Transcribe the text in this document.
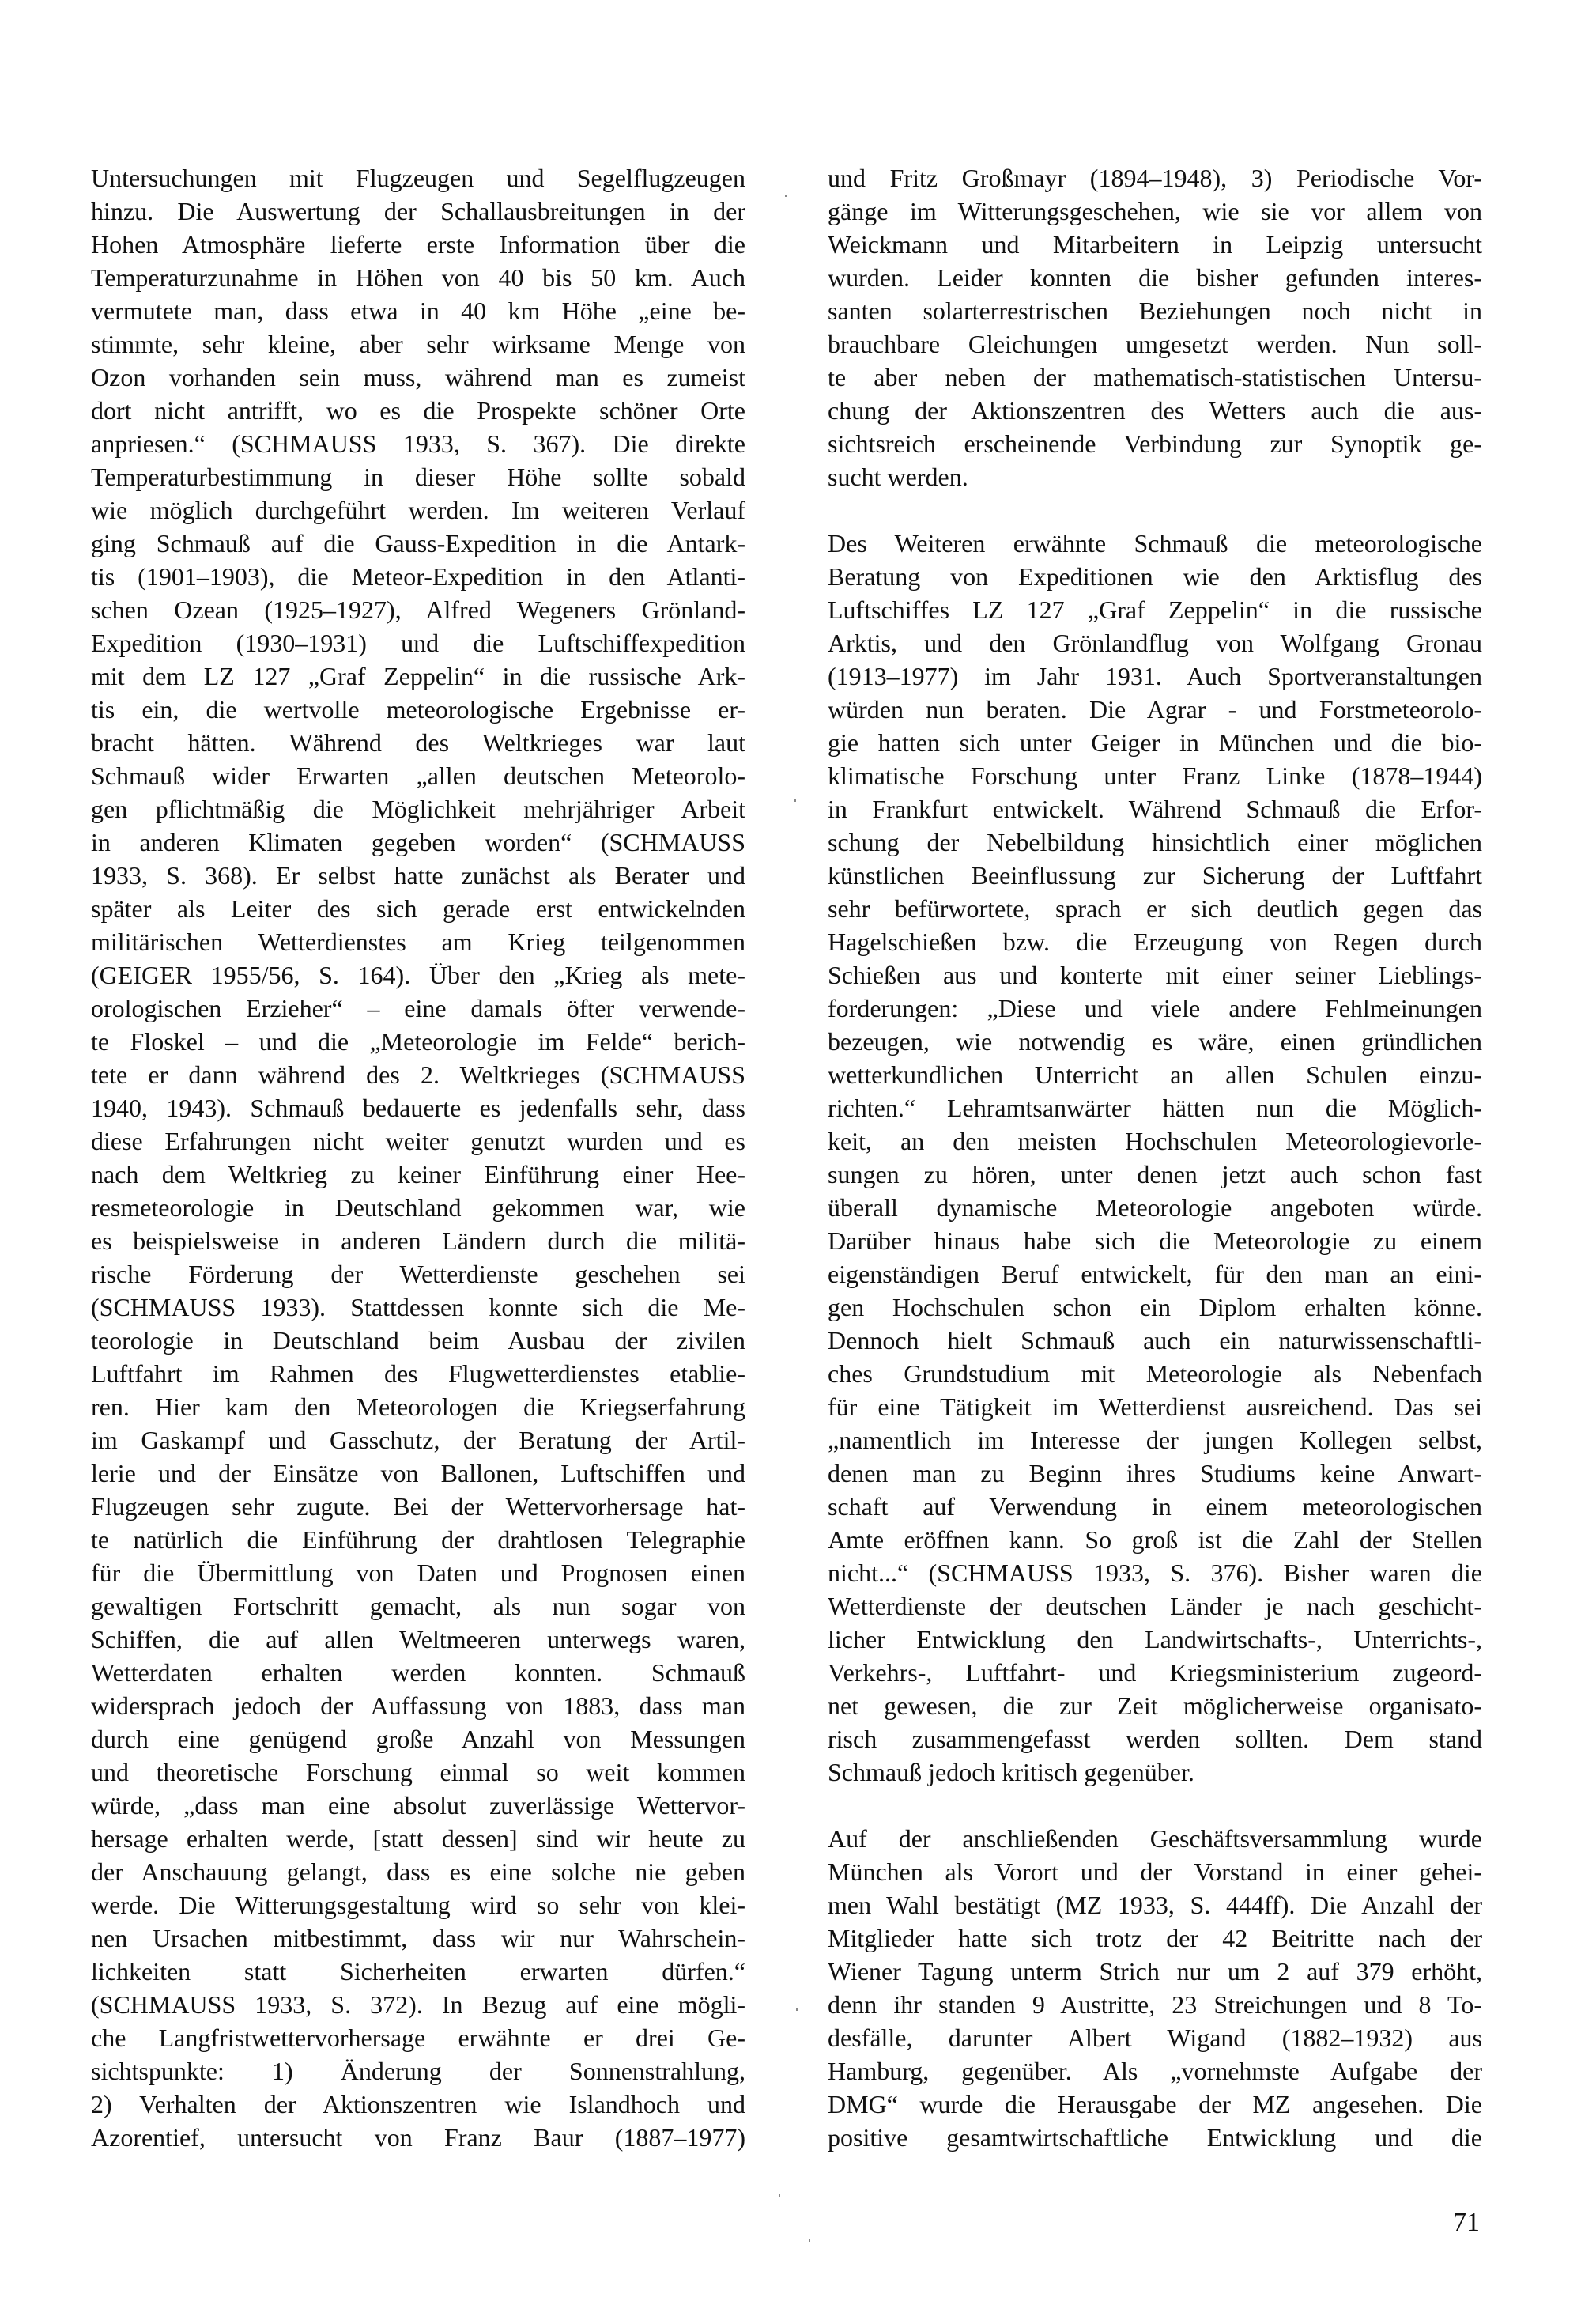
Untersuchungen mit Flugzeugen und Segelflugzeugen
hinzu. Die Auswertung der Schallausbreitungen in der
Hohen Atmosphäre lieferte erste Information über die
Temperaturzunahme in Höhen von 40 bis 50 km. Auch
vermutete man, dass etwa in 40 km Höhe „eine be-
stimmte, sehr kleine, aber sehr wirksame Menge von
Ozon vorhanden sein muss, während man es zumeist
dort nicht antrifft, wo es die Prospekte schöner Orte
anpriesen.“ (SCHMAUSS 1933, S. 367). Die direkte
Temperaturbestimmung in dieser Höhe sollte sobald
wie möglich durchgeführt werden. Im weiteren Verlauf
ging Schmauß auf die Gauss-Expedition in die Antark-
tis (1901–1903), die Meteor-Expedition in den Atlanti-
schen Ozean (1925–1927), Alfred Wegeners Grönland-
Expedition (1930–1931) und die Luftschiffexpedition
mit dem LZ 127 „Graf Zeppelin“ in die russische Ark-
tis ein, die wertvolle meteorologische Ergebnisse er-
bracht hätten. Während des Weltkrieges war laut
Schmauß wider Erwarten „allen deutschen Meteorolo-
gen pflichtmäßig die Möglichkeit mehrjähriger Arbeit
in anderen Klimaten gegeben worden“ (SCHMAUSS
1933, S. 368). Er selbst hatte zunächst als Berater und
später als Leiter des sich gerade erst entwickelnden
militärischen Wetterdienstes am Krieg teilgenommen
(GEIGER 1955/56, S. 164). Über den „Krieg als mete-
orologischen Erzieher“ – eine damals öfter verwende-
te Floskel – und die „Meteorologie im Felde“ berich-
tete er dann während des 2. Weltkrieges (SCHMAUSS
1940, 1943). Schmauß bedauerte es jedenfalls sehr, dass
diese Erfahrungen nicht weiter genutzt wurden und es
nach dem Weltkrieg zu keiner Einführung einer Hee-
resmeteorologie in Deutschland gekommen war, wie
es beispielsweise in anderen Ländern durch die militä-
rische Förderung der Wetterdienste geschehen sei
(SCHMAUSS 1933). Stattdessen konnte sich die Me-
teorologie in Deutschland beim Ausbau der zivilen
Luftfahrt im Rahmen des Flugwetterdienstes etablie-
ren. Hier kam den Meteorologen die Kriegserfahrung
im Gaskampf und Gasschutz, der Beratung der Artil-
lerie und der Einsätze von Ballonen, Luftschiffen und
Flugzeugen sehr zugute. Bei der Wettervorhersage hat-
te natürlich die Einführung der drahtlosen Telegraphie
für die Übermittlung von Daten und Prognosen einen
gewaltigen Fortschritt gemacht, als nun sogar von
Schiffen, die auf allen Weltmeeren unterwegs waren,
Wetterdaten erhalten werden konnten. Schmauß
widersprach jedoch der Auffassung von 1883, dass man
durch eine genügend große Anzahl von Messungen
und theoretische Forschung einmal so weit kommen
würde, „dass man eine absolut zuverlässige Wettervor-
hersage erhalten werde, [statt dessen] sind wir heute zu
der Anschauung gelangt, dass es eine solche nie geben
werde. Die Witterungsgestaltung wird so sehr von klei-
nen Ursachen mitbestimmt, dass wir nur Wahrschein-
lichkeiten statt Sicherheiten erwarten dürfen.“
(SCHMAUSS 1933, S. 372). In Bezug auf eine mögli-
che Langfristwettervorhersage erwähnte er drei Ge-
sichtspunkte: 1) Änderung der Sonnenstrahlung,
2) Verhalten der Aktionszentren wie Islandhoch und
Azorentief, untersucht von Franz Baur (1887–1977)
und Fritz Großmayr (1894–1948), 3) Periodische Vor-
gänge im Witterungsgeschehen, wie sie vor allem von
Weickmann und Mitarbeitern in Leipzig untersucht
wurden. Leider konnten die bisher gefunden interes-
santen solarterrestrischen Beziehungen noch nicht in
brauchbare Gleichungen umgesetzt werden. Nun soll-
te aber neben der mathematisch-statistischen Untersu-
chung der Aktionszentren des Wetters auch die aus-
sichtsreich erscheinende Verbindung zur Synoptik ge-
sucht werden.
Des Weiteren erwähnte Schmauß die meteorologische
Beratung von Expeditionen wie den Arktisflug des
Luftschiffes LZ 127 „Graf Zeppelin“ in die russische
Arktis, und den Grönlandflug von Wolfgang Gronau
(1913–1977) im Jahr 1931. Auch Sportveranstaltungen
würden nun beraten. Die Agrar - und Forstmeteorolo-
gie hatten sich unter Geiger in München und die bio-
klimatische Forschung unter Franz Linke (1878–1944)
in Frankfurt entwickelt. Während Schmauß die Erfor-
schung der Nebelbildung hinsichtlich einer möglichen
künstlichen Beeinflussung zur Sicherung der Luftfahrt
sehr befürwortete, sprach er sich deutlich gegen das
Hagelschießen bzw. die Erzeugung von Regen durch
Schießen aus und konterte mit einer seiner Lieblings-
forderungen: „Diese und viele andere Fehlmeinungen
bezeugen, wie notwendig es wäre, einen gründlichen
wetterkundlichen Unterricht an allen Schulen einzu-
richten.“ Lehramtsanwärter hätten nun die Möglich-
keit, an den meisten Hochschulen Meteorologievorle-
sungen zu hören, unter denen jetzt auch schon fast
überall dynamische Meteorologie angeboten würde.
Darüber hinaus habe sich die Meteorologie zu einem
eigenständigen Beruf entwickelt, für den man an eini-
gen Hochschulen schon ein Diplom erhalten könne.
Dennoch hielt Schmauß auch ein naturwissenschaftli-
ches Grundstudium mit Meteorologie als Nebenfach
für eine Tätigkeit im Wetterdienst ausreichend. Das sei
„namentlich im Interesse der jungen Kollegen selbst,
denen man zu Beginn ihres Studiums keine Anwart-
schaft auf Verwendung in einem meteorologischen
Amte eröffnen kann. So groß ist die Zahl der Stellen
nicht...“ (SCHMAUSS 1933, S. 376). Bisher waren die
Wetterdienste der deutschen Länder je nach geschicht-
licher Entwicklung den Landwirtschafts-, Unterrichts-,
Verkehrs-, Luftfahrt- und Kriegsministerium zugeord-
net gewesen, die zur Zeit möglicherweise organisato-
risch zusammengefasst werden sollten. Dem stand
Schmauß jedoch kritisch gegenüber.
Auf der anschließenden Geschäftsversammlung wurde
München als Vorort und der Vorstand in einer gehei-
men Wahl bestätigt (MZ 1933, S. 444ff). Die Anzahl der
Mitglieder hatte sich trotz der 42 Beitritte nach der
Wiener Tagung unterm Strich nur um 2 auf 379 erhöht,
denn ihr standen 9 Austritte, 23 Streichungen und 8 To-
desfälle, darunter Albert Wigand (1882–1932) aus
Hamburg, gegenüber. Als „vornehmste Aufgabe der
DMG“ wurde die Herausgabe der MZ angesehen. Die
positive gesamtwirtschaftliche Entwicklung und die
71
